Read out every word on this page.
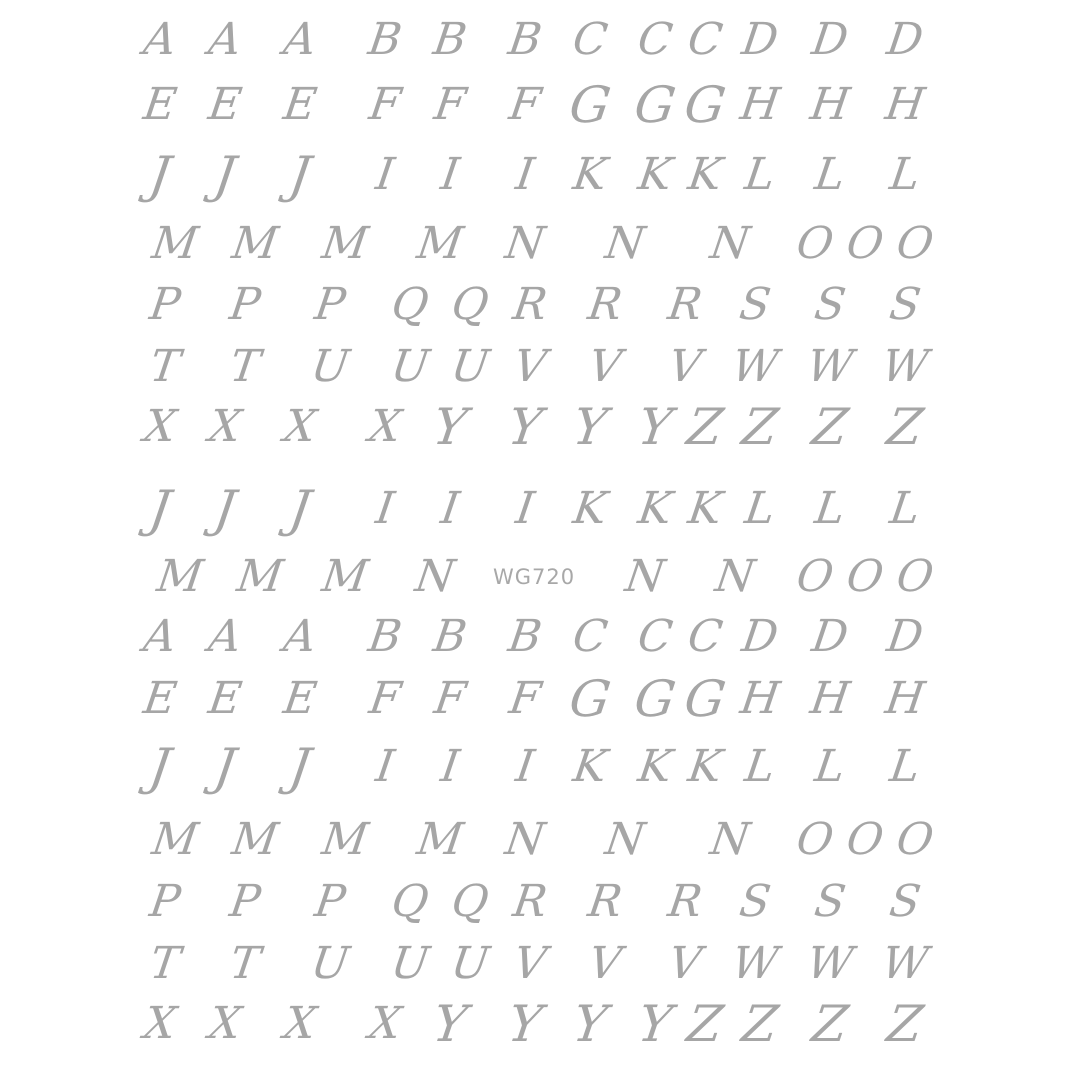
A A A	B B B C C C D D D
E E E	F F F G G G H H H
J J J	I I	I K K K L L L
M M M M N N N O O O
P P	P Q Q R R R S S S
T T	U U U V V V W W W
X X X	X Y Y Y Y Z Z Z Z
J J J	I I	I K K K L L L
M M M N	N N O O O
A A A	B B B C C C D D D
E E E	F F F G G G H H H
J J J	I I	I K K K L L L
M M M M N N N O O O
P P	P Q Q R R R S S S
T T	U U U V V V W W W
X X X	X Y Y Y Y Z Z Z Z
WG720
